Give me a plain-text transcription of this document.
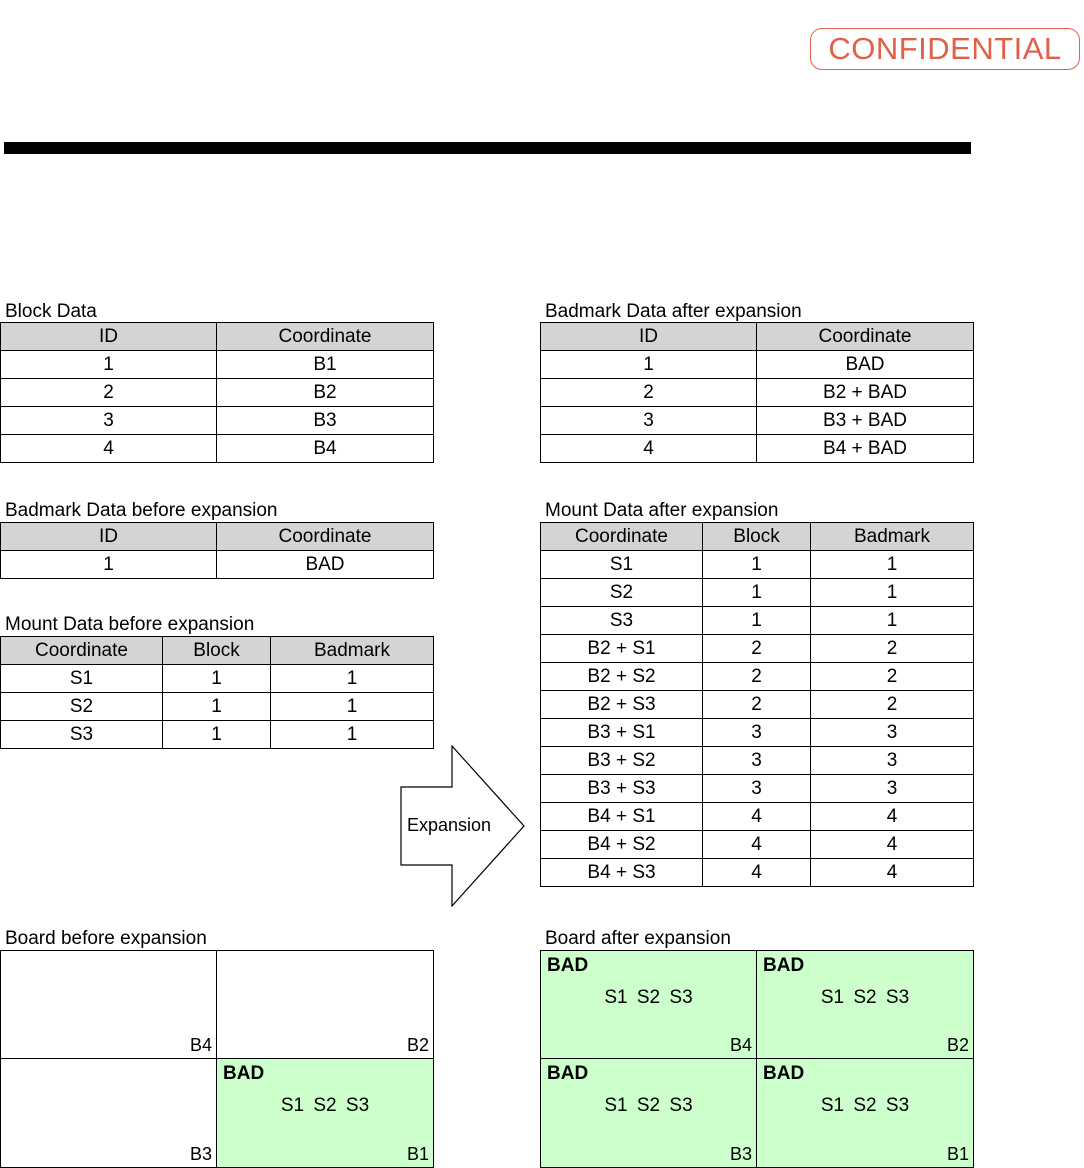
CONFIDENTIAL
Block Data
ID	Coordinate
1	B1
2	B2
3	B3
4	B4
Badmark Data before expansion
ID	Coordinate
1	BAD
Mount Data before expansion
Coordinate	Block	Badmark
S1	1	1
S2	1	1
S3	1	1
Badmark Data after expansion
ID	Coordinate
1	BAD
2	B2 + BAD
3	B3 + BAD
4	B4 + BAD
Mount Data after expansion
Coordinate	Block	Badmark
S1	1	1
S2	1	1
S3	1	1
B2 + S1	2	2
B2 + S2	2	2
B2 + S3	2	2
B3 + S1	3	3
B3 + S2	3	3
B3 + S3	3	3
B4 + S1	4	4
B4 + S2	4	4
B4 + S3	4	4
Expansion
Board before expansion
B4	B2
B3
BAD
S1 S2 S3
B1
Board after expansion
BAD
S1 S2 S3
B4
BAD
S1 S2 S3
B2
BAD
S1 S2 S3
B3
BAD
S1 S2 S3
B1
